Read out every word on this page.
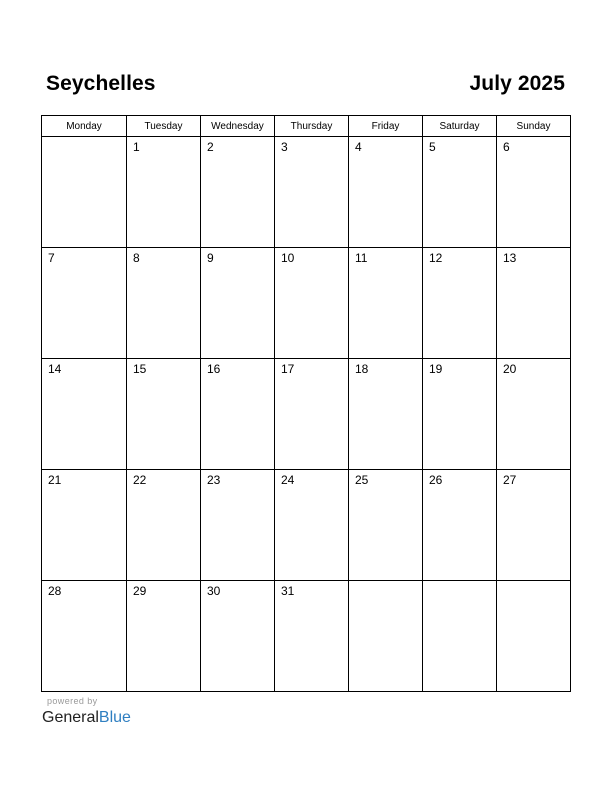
Seychelles	July 2025
Monday	Tuesday	Wednesday	Thursday	Friday	Saturday	Sunday

	1	2	3	4	5	6

7	8	9	10	11	12	13

14	15	16	17	18	19	20

21	22	23	24	25	26	27

28	29	30	31			

powered by
GeneralBlue
